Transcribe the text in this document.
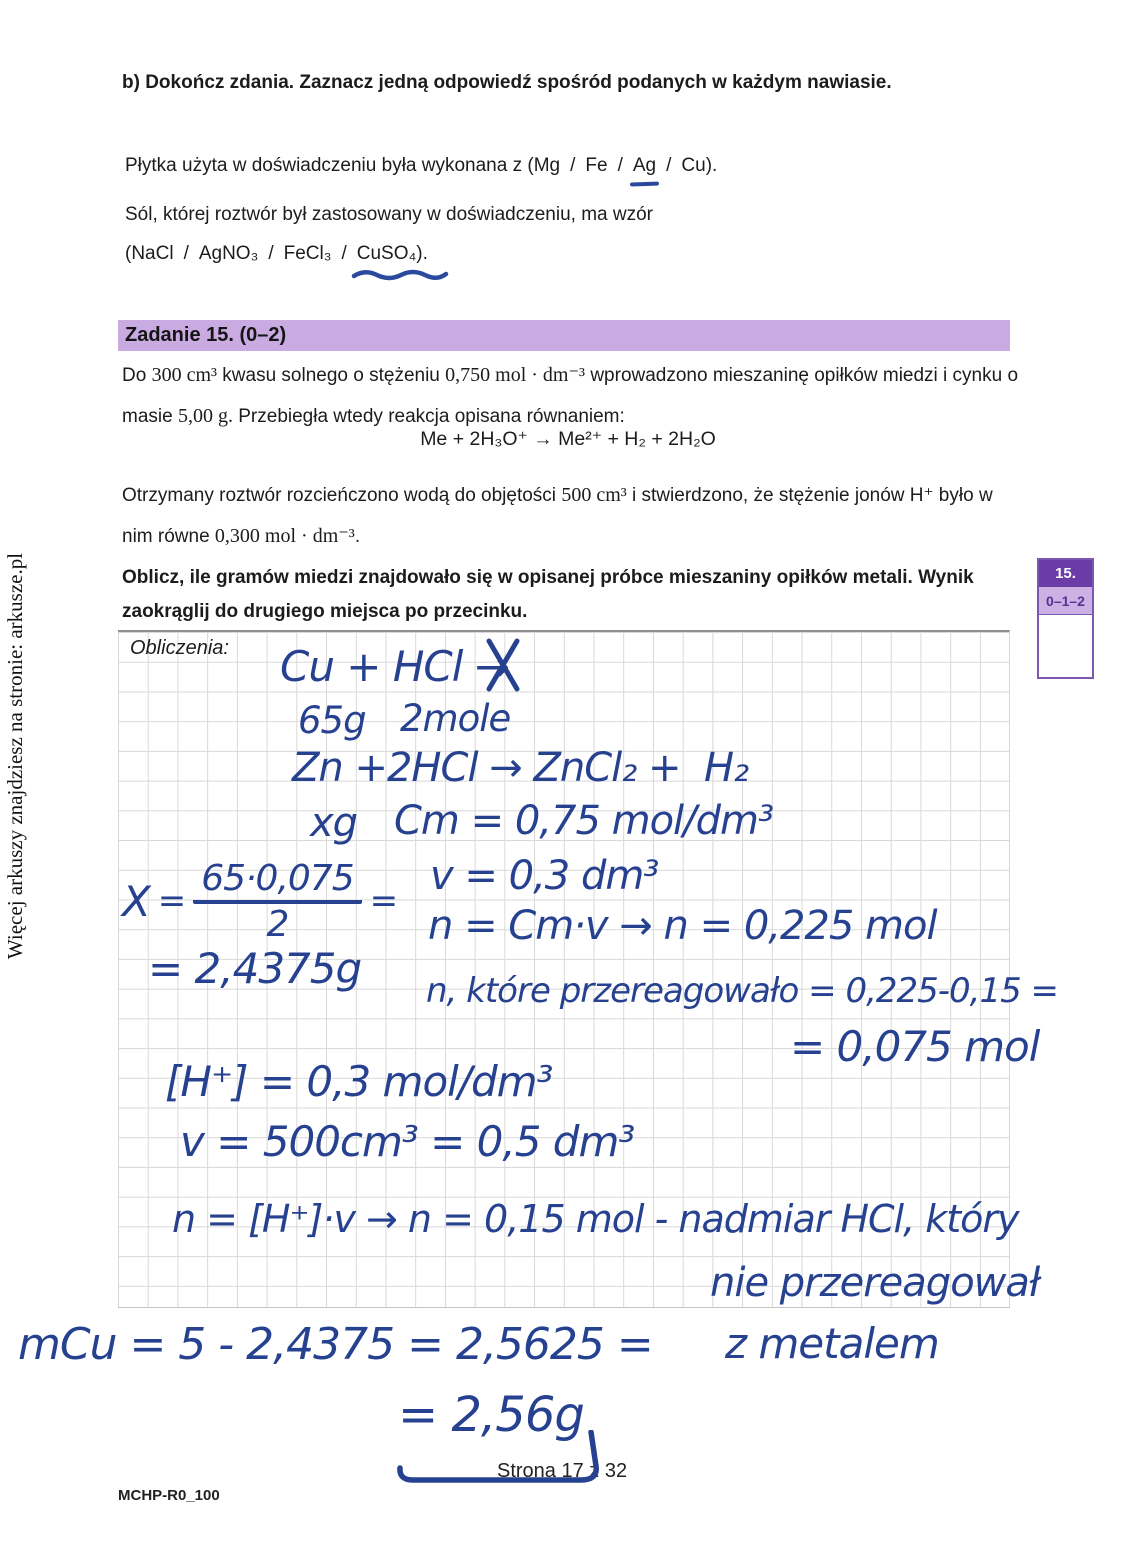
Więcej arkuszy znajdziesz na stronie: arkusze.pl
b) Dokończ zdania. Zaznacz jedną odpowiedź spośród podanych w każdym nawiasie.
Płytka użyta w doświadczeniu była wykonana z (Mg / Fe / Ag / Cu).
Sól, której roztwór był zastosowany w doświadczeniu, ma wzór
(NaCl / AgNO₃ / FeCl₃ / CuSO₄
).
Zadanie 15. (0–2)
Do 300 cm³ kwasu solnego o stężeniu 0,750 mol · dm⁻³ wprowadzono mieszaninę opiłków miedzi i cynku o masie 5,00 g. Przebiegła wtedy reakcja opisana równaniem:
Me + 2H₃O⁺ → Me²⁺ + H₂ + 2H₂O
Otrzymany roztwór rozcieńczono wodą do objętości 500 cm³ i stwierdzono, że stężenie jonów H⁺ było w nim równe 0,300 mol · dm⁻³.
Oblicz, ile gramów miedzi znajdowało się w opisanej próbce mieszaniny opiłków metali. Wynik zaokrąglij do drugiego miejsca po przecinku.
15.
0–1–2
Obliczenia: Cu + HCl →
65g 2mole
Zn +2HCl → ZnCl₂ +  H₂
xg Cm = 0,75 mol/dm³
v = 0,3 dm³
$X = \frac{65\cdot 0,075}{2}$ =
= 2,4375g
n = Cm·v → n = 0,225 mol
n, które przereagowało = 0,225-0,15 =
= 0,075 mol
[H⁺] = 0,3 mol/dm³
v = 500cm³ = 0,5 dm³
n = [H⁺]·v → n = 0,15 mol - nadmiar HCl, który
nie przereagował
z metalem
mCu = 5 - 2,4375 = 2,5625 =
= 2,56g
Strona 17 z 32
MCHP-R0_100
